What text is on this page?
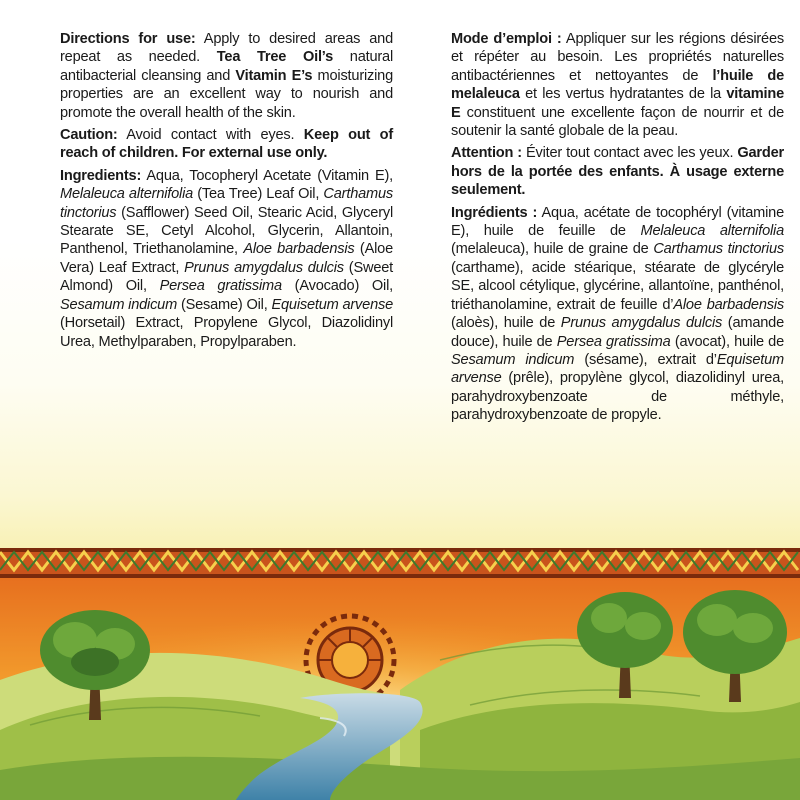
Directions for use: Apply to desired areas and repeat as needed. Tea Tree Oil’s natural antibacterial cleansing and Vitamin E’s moisturizing properties are an excellent way to nourish and promote the overall health of the skin.

Caution: Avoid contact with eyes. Keep out of reach of children. For external use only.

Ingredients: Aqua, Tocopheryl Acetate (Vitamin E), Melaleuca alternifolia (Tea Tree) Leaf Oil, Carthamus tinctorius (Safflower) Seed Oil, Stearic Acid, Glyceryl Stearate SE, Cetyl Alcohol, Glycerin, Allantoin, Panthenol, Triethanolamine, Aloe barbadensis (Aloe Vera) Leaf Extract, Prunus amygdalus dulcis (Sweet Almond) Oil, Persea gratissima (Avocado) Oil, Sesamum indicum (Sesame) Oil, Equisetum arvense (Horsetail) Extract, Propylene Glycol, Diazolidinyl Urea, Methylparaben, Propylparaben.

Mode d’emploi : Appliquer sur les régions désirées et répéter au besoin. Les propriétés naturelles antibactériennes et nettoyantes de l’huile de melaleuca et les vertus hydratantes de la vitamine E constituent une excellente façon de nourrir et de soutenir la santé globale de la peau.

Attention : Éviter tout contact avec les yeux. Garder hors de la portée des enfants. À usage externe seulement.

Ingrédients : Aqua, acétate de tocophéryl (vitamine E), huile de feuille de Melaleuca alternifolia (melaleuca), huile de graine de Carthamus tinctorius (carthame), acide stéarique, stéarate de glycéryle SE, alcool cétylique, glycérine, allantoïne, panthénol, triéthanolamine, extrait de feuille d’Aloe barbadensis (aloès), huile de Prunus amygdalus dulcis (amande douce), huile de Persea gratissima (avocat), huile de Sesamum indicum (sésame), extrait d’Equisetum arvense (prêle), propylène glycol, diazolidinyl urea, parahydroxybenzoate de méthyle, parahydroxybenzoate de propyle.
